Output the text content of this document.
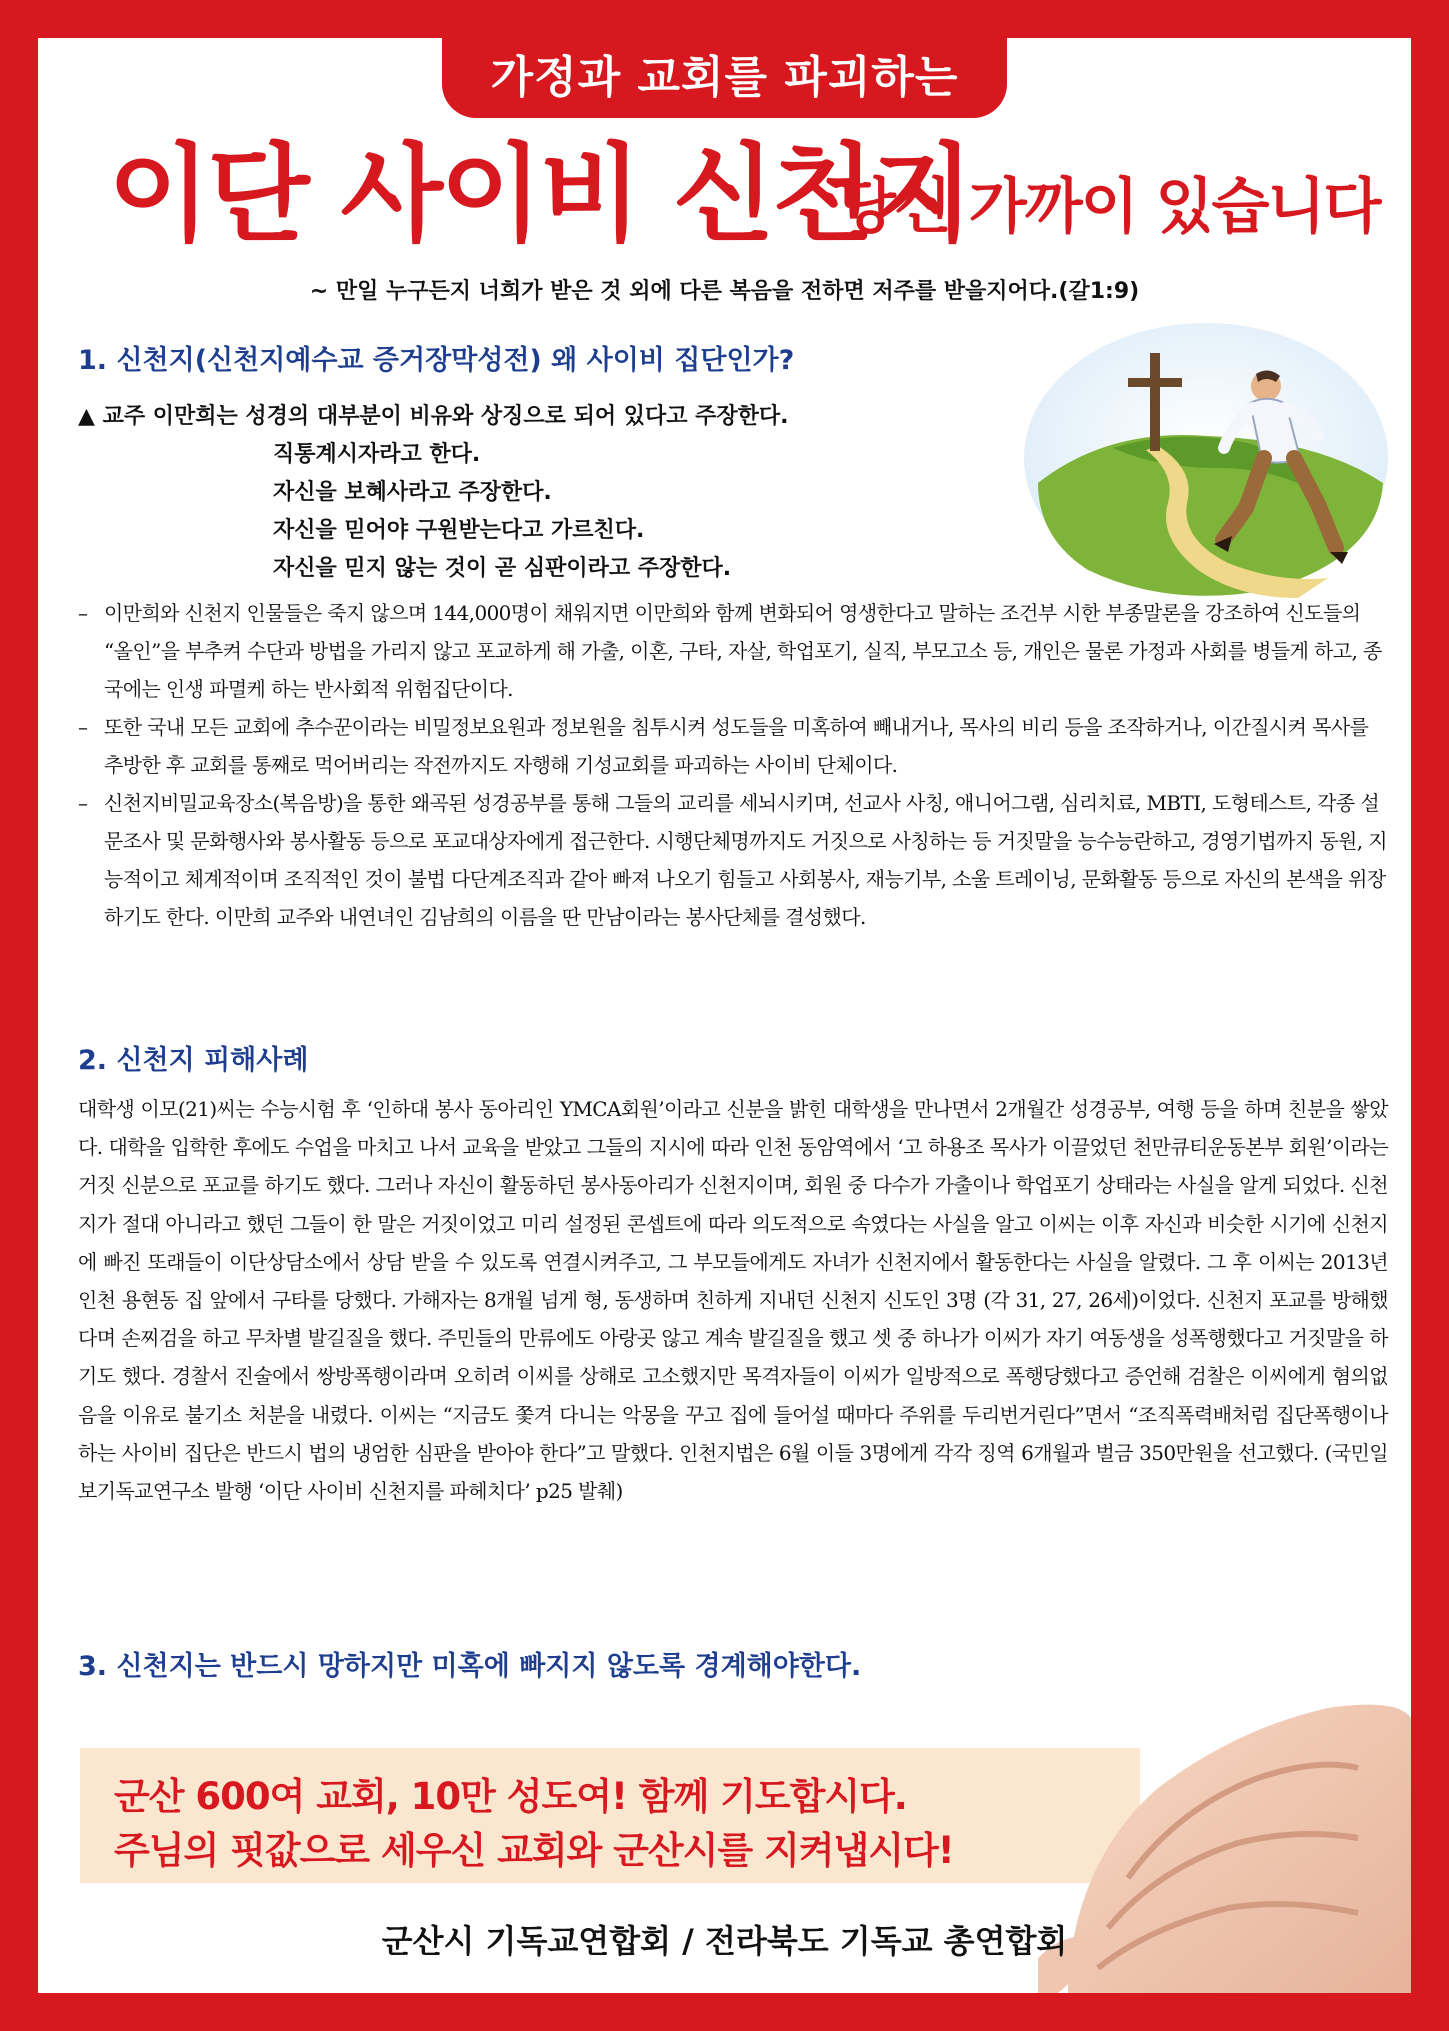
가정과 교회를 파괴하는
이단 사이비 신천지
당신 가까이 있습니다
~ 만일 누구든지 너희가 받은 것 외에 다른 복음을 전하면 저주를 받을지어다.(갈1:9)
1. 신천지(신천지예수교 증거장막성전) 왜 사이비 집단인가?
▲ 교주 이만희는 성경의 대부분이 비유와 상징으로 되어 있다고 주장한다.
직통계시자라고 한다.
자신을 보혜사라고 주장한다.
자신을 믿어야 구원받는다고 가르친다.
자신을 믿지 않는 것이 곧 심판이라고 주장한다.

– 이만희와 신천지 인물들은 죽지 않으며 144,000명이 채워지면 이만희와 함께 변화되어 영생한다고 말하는 조건부 시한 부종말론을 강조하여 신도들의 “올인”을 부추켜 수단과 방법을 가리지 않고 포교하게 해 가출, 이혼, 구타, 자살, 학업포기, 실직, 부모고소 등, 개인은 물론 가정과 사회를 병들게 하고, 종국에는 인생 파멸케 하는 반사회적 위험집단이다.

– 또한 국내 모든 교회에 추수꾼이라는 비밀정보요원과 정보원을 침투시켜 성도들을 미혹하여 빼내거나, 목사의 비리 등을 조작하거나, 이간질시켜 목사를 추방한 후 교회를 통째로 먹어버리는 작전까지도 자행해 기성교회를 파괴하는 사이비 단체이다.

– 신천지비밀교육장소(복음방)을 통한 왜곡된 성경공부를 통해 그들의 교리를 세뇌시키며, 선교사 사칭, 애니어그램, 심리치료, MBTI, 도형테스트, 각종 설문조사 및 문화행사와 봉사활동 등으로 포교대상자에게 접근한다. 시행단체명까지도 거짓으로 사칭하는 등 거짓말을 능수능란하고, 경영기법까지 동원, 지능적이고 체계적이며 조직적인 것이 불법 다단계조직과 같아 빠져 나오기 힘들고 사회봉사, 재능기부, 소울 트레이닝, 문화활동 등으로 자신의 본색을 위장하기도 한다. 이만희 교주와 내연녀인 김남희의 이름을 딴 만남이라는 봉사단체를 결성했다.

2. 신천지 피해사례
대학생 이모(21)씨는 수능시험 후 ‘인하대 봉사 동아리인 YMCA회원’이라고 신분을 밝힌 대학생을 만나면서 2개월간 성경공부, 여행 등을 하며 친분을 쌓았다. 대학을 입학한 후에도 수업을 마치고 나서 교육을 받았고 그들의 지시에 따라 인천 동암역에서 ‘고 하용조 목사가 이끌었던 천만큐티운동본부 회원’이라는 거짓 신분으로 포교를 하기도 했다. 그러나 자신이 활동하던 봉사동아리가 신천지이며, 회원 중 다수가 가출이나 학업포기 상태라는 사실을 알게 되었다. 신천지가 절대 아니라고 했던 그들이 한 말은 거짓이었고 미리 설정된 콘셉트에 따라 의도적으로 속였다는 사실을 알고 이씨는 이후 자신과 비슷한 시기에 신천지에 빠진 또래들이 이단상담소에서 상담 받을 수 있도록 연결시켜주고, 그 부모들에게도 자녀가 신천지에서 활동한다는 사실을 알렸다. 그 후 이씨는 2013년 인천 용현동 집 앞에서 구타를 당했다. 가해자는 8개월 넘게 형, 동생하며 친하게 지내던 신천지 신도인 3명 (각 31, 27, 26세)이었다. 신천지 포교를 방해했다며 손찌검을 하고 무차별 발길질을 했다. 주민들의 만류에도 아랑곳 않고 계속 발길질을 했고 셋 중 하나가 이씨가 자기 여동생을 성폭행했다고 거짓말을 하기도 했다. 경찰서 진술에서 쌍방폭행이라며 오히려 이씨를 상해로 고소했지만 목격자들이 이씨가 일방적으로 폭행당했다고 증언해 검찰은 이씨에게 혐의없음을 이유로 불기소 처분을 내렸다. 이씨는 “지금도 쫓겨 다니는 악몽을 꾸고 집에 들어설 때마다 주위를 두리번거린다”면서 “조직폭력배처럼 집단폭행이나 하는 사이비 집단은 반드시 법의 냉엄한 심판을 받아야 한다”고 말했다. 인천지법은 6월 이들 3명에게 각각 징역 6개월과 벌금 350만원을 선고했다. (국민일보기독교연구소 발행 ‘이단 사이비 신천지를 파헤치다’ p25 발췌)
3. 신천지는 반드시 망하지만 미혹에 빠지지 않도록 경계해야한다.
군산 600여 교회, 10만 성도여! 함께 기도합시다.
주님의 핏값으로 세우신 교회와 군산시를 지켜냅시다!
군산시 기독교연합회 / 전라북도 기독교 총연합회
